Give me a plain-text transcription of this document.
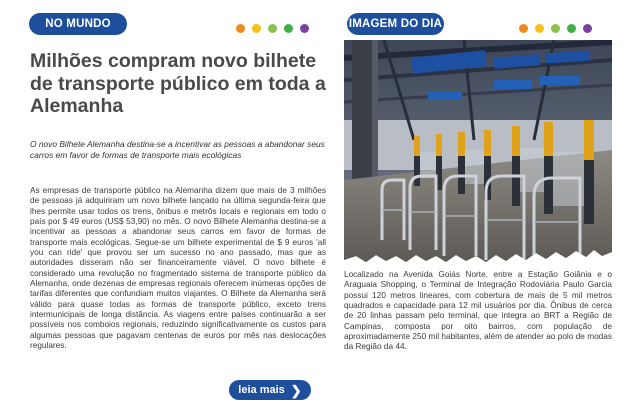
NO MUNDO
Milhões compram novo bilhete de transporte público em toda a Alemanha

O novo Bilhete Alemanha destina-se a incentivar as pessoas a abandonar seus carros em favor de formas de transporte mais ecológicas

As empresas de transporte público na Alemanha dizem que mais de 3 milhões de pessoas já adquiriram um novo bilhete lançado na última segunda-feira que lhes permite usar todos os trens, ônibus e metrôs locais e regionais em todo o país por $ 49 euros (US$ 53,90) no mês. O novo Bilhete Alemanha destina-se a incentivar as pessoas a abandonar seus carros em favor de formas de transporte mais ecológicas. Segue-se um bilhete experimental de $ 9 euros 'all you can ride' que provou ser um sucesso no ano passado, mas que as autoridades disseram não ser financeiramente viável. O novo bilhete é considerado uma revolução no fragmentado sistema de transporte público da Alemanha, onde dezenas de empresas regionais oferecem inúmeras opções de tarifas diferentes que confundiam muitos viajantes. O Bilhete da Alemanha será válido para quase todas as formas de transporte público, exceto trens intermunicipais de longa distância. As viagens entre países continuarão a ser possíveis nos comboios regionais, reduzindo significativamente os custos para algumas pessoas que pagavam centenas de euros por mês nas deslocações regulares.

leia mais ❯
IMAGEM DO DIA

Localizado na Avenida Goiás Norte, entre a Estação Goiânia e o Araguaia Shopping, o Terminal de Integração Rodoviária Paulo Garcia possui 120 metros lineares, com cobertura de mais de 5 mil metros quadrados e capacidade para 12 mil usuários por dia. Ônibus de cerca de 20 linhas passam pelo terminal, que integra ao BRT a Região de Campinas, composta por oito bairros, com população de aproximadamente 250 mil habitantes, além de atender ao polo de modas da Região da 44.
